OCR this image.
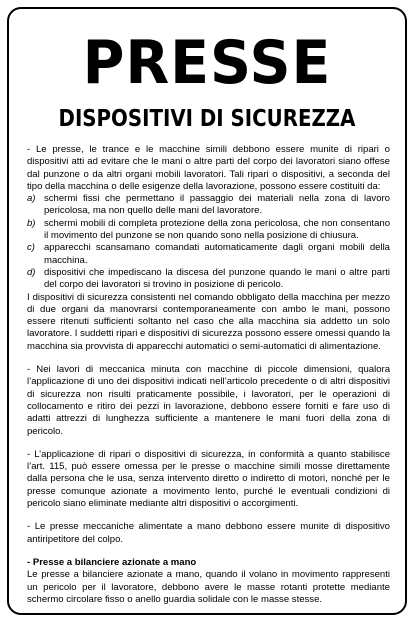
PRESSE
DISPOSITIVI DI SICUREZZA

- Le presse, le trance e le macchine simili debbono essere munite di ripari o dispositivi atti ad evitare che le mani o altre parti del corpo dei lavoratori siano offese dal punzone o da altri organi mobili lavoratori. Tali ripari o dispositivi, a seconda del tipo della macchina o delle esigenze della lavorazione, possono essere costituiti da:

a) schermi fissi che permettano il passaggio dei materiali nella zona di lavoro pericolosa, ma non quello delle mani del lavoratore.
b) schermi mobili di completa protezione della zona pericolosa, che non consentano il movimento del punzone se non quando sono nella posizione di chiusura.
c) apparecchi scansamano comandati automaticamente dagli organi mobili della macchina.
d) dispositivi che impediscano la discesa del punzone quando le mani o altre parti del corpo dei lavoratori si trovino in posizione di pericolo.

I dispositivi di sicurezza consistenti nel comando obbligato della macchina per mezzo di due organi da manovrarsi contemporaneamente con ambo le mani, possono essere ritenuti sufficienti soltanto nel caso che alla macchina sia addetto un solo lavoratore. I suddetti ripari e dispositivi di sicurezza possono essere omessi quando la macchina sia provvista di apparecchi automatici o semi-automatici di alimentazione.

- Nei lavori di meccanica minuta con macchine di piccole dimensioni, qualora l’applicazione di uno dei dispositivi indicati nell’articolo precedente o di altri dispositivi di sicurezza non risulti praticamente possibile, i lavoratori, per le operazioni di collocamento e ritiro dei pezzi in lavorazione, debbono essere forniti e fare uso di adatti attrezzi di lunghezza sufficiente a mantenere le mani fuori della zona di pericolo.

- L’applicazione di ripari o dispositivi di sicurezza, in conformità a quanto stabilisce l’art. 115, può essere omessa per le presse o macchine simili mosse direttamente dalla persona che le usa, senza intervento diretto o indiretto di motori, nonché per le presse comunque azionate a movimento lento, purché le eventuali condizioni di pericolo siano eliminate mediante altri dispositivi o accorgimenti.

- Le presse meccaniche alimentate a mano debbono essere munite di dispositivo antiripetitore del colpo.

- Presse a bilanciere azionate a mano

Le presse a bilanciere azionate a mano, quando il volano in movimento rappresenti un pericolo per il lavoratore, debbono avere le masse rotanti protette mediante schermo circolare fisso o anello guardia solidale con le masse stesse.
